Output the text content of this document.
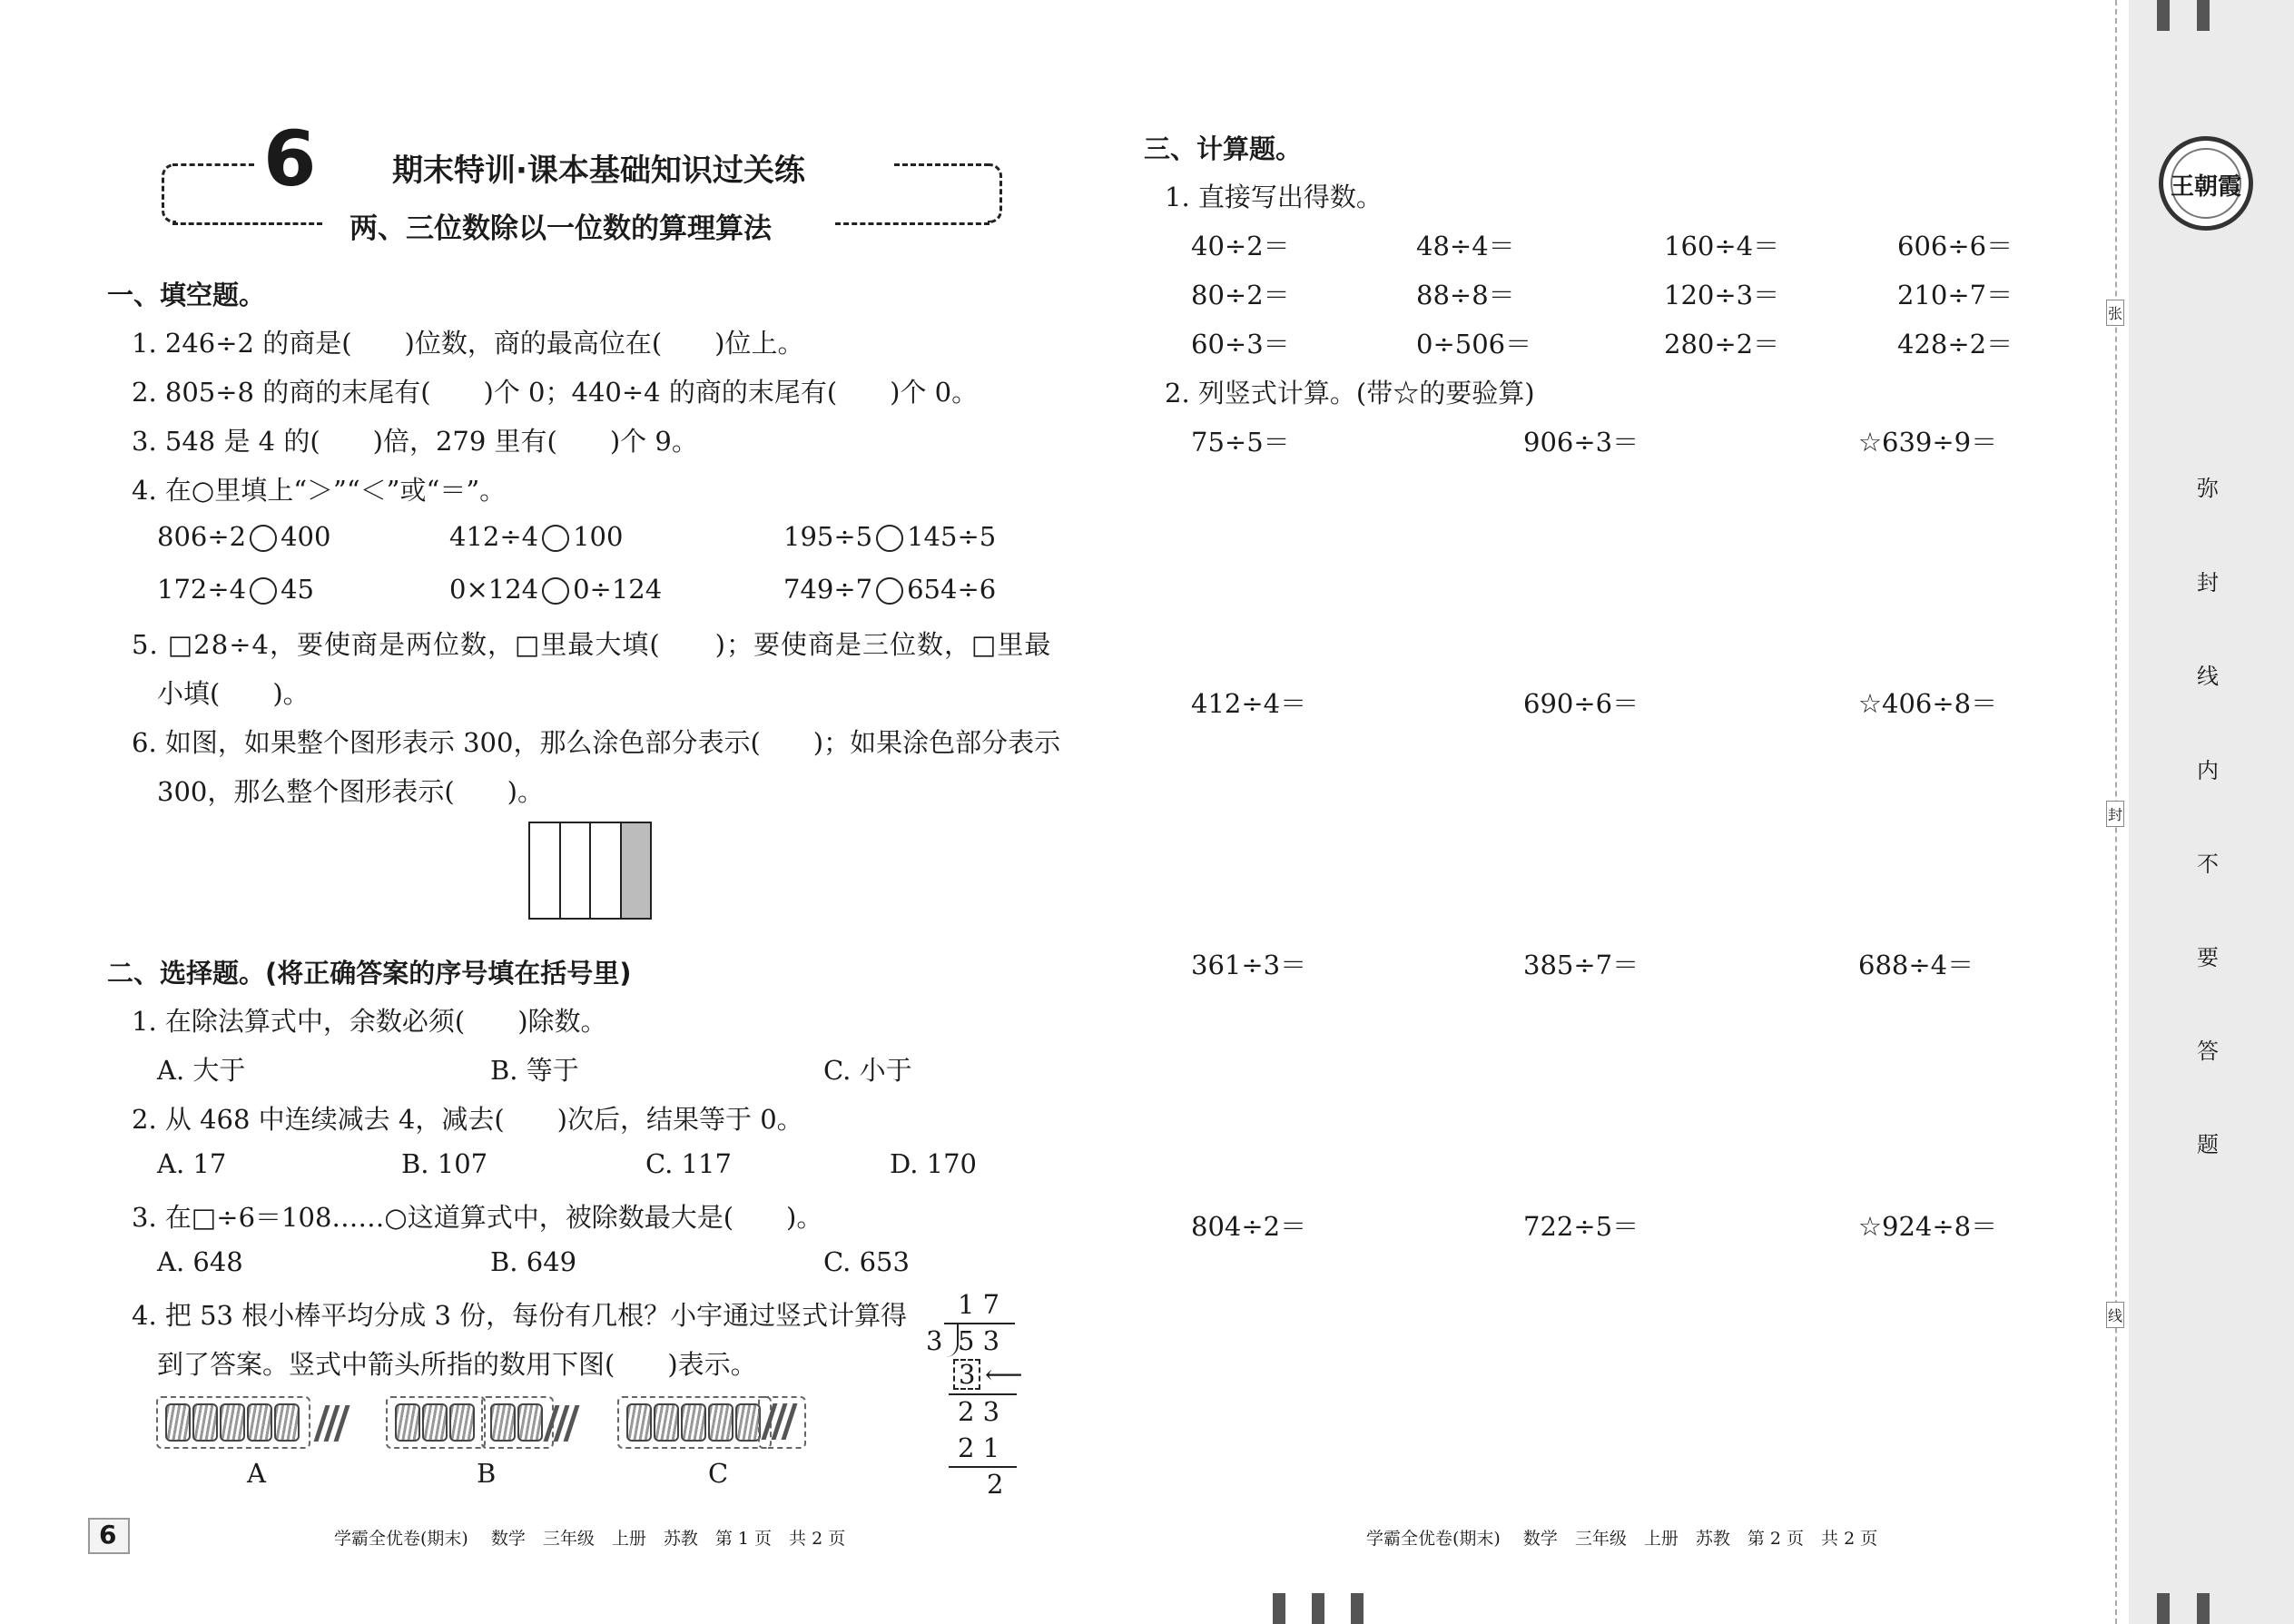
6 期末特训·课本基础知识过关练
两、三位数除以一位数的算理算法
一、填空题。
1. 246÷2 的商是(　　)位数，商的最高位在(　　)位上。
2. 805÷8 的商的末尾有(　　)个 0；440÷4 的商的末尾有(　　)个 0。
3. 548 是 4 的(　　)倍，279 里有(　　)个 9。
4. 在○里填上“＞”“＜”或“＝”。
806÷2 400	412÷4 100	195÷5 145÷5
172÷4 45	0×124 0÷124	749÷7 654÷6
5. □28÷4，要使商是两位数，□里最大填(　　)；要使商是三位数，□里最
小填(　　)。
6. 如图，如果整个图形表示 300，那么涂色部分表示(　　)；如果涂色部分表示
300，那么整个图形表示(　　)。
二、选择题。(将正确答案的序号填在括号里)
1. 在除法算式中，余数必须(　　)除数。
A. 大于	B. 等于	C. 小于
2. 从 468 中连续减去 4，减去(　　)次后，结果等于 0。
A. 17	B. 107	C. 117	D. 170
3. 在□÷6＝108……○这道算式中，被除数最大是(　　)。
A. 648	B. 649	C. 653
4. 把 53 根小棒平均分成 3 份，每份有几根？小宇通过竖式计算得
到了答案。竖式中箭头所指的数用下图(　　)表示。
A	B	C
1 7
3 5 3
3 ⟵
2 3
2 1
2
6	学霸全优卷(期末)　 数学　三年级　上册　苏教　第 1 页　共 2 页
三、计算题。
1. 直接写出得数。
40÷2＝	48÷4＝	160÷4＝	606÷6＝
80÷2＝	88÷8＝	120÷3＝	210÷7＝
60÷3＝	0÷506＝	280÷2＝	428÷2＝
2. 列竖式计算。(带☆的要验算)
75÷5＝	906÷3＝	☆639÷9＝
412÷4＝	690÷6＝	☆406÷8＝
361÷3＝	385÷7＝	688÷4＝
804÷2＝	722÷5＝	☆924÷8＝
学霸全优卷(期末)　 数学　三年级　上册　苏教　第 2 页　共 2 页
王朝霞
张
封
线
弥
封
线
内
不
要
答
题
